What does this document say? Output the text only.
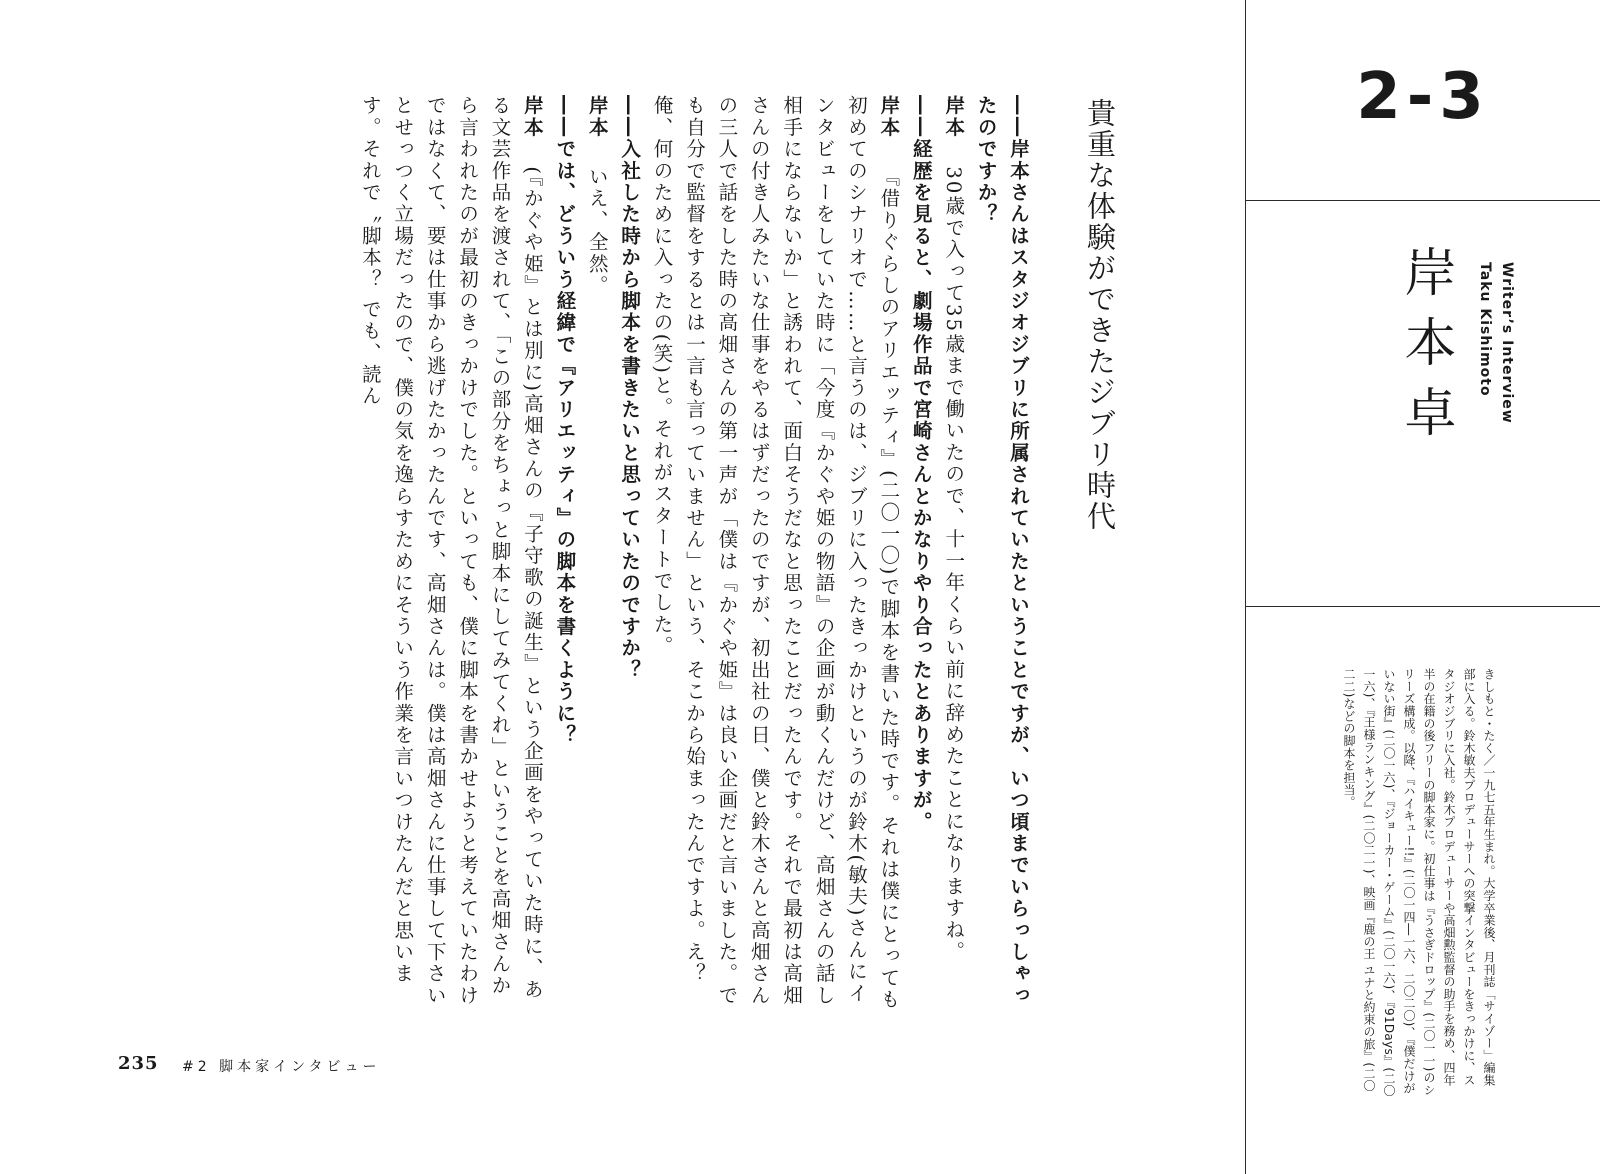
2-3
Writer’s Interview
Taku Kishimoto
岸本卓
きしもと・たく／一九七五年生まれ。大学卒業後、月刊誌「サイゾー」編集部に入る。鈴木敏夫プロデューサーへの突撃インタビューをきっかけに、スタジオジブリに入社。鈴木プロデューサーや高畑勲監督の助手を務め、四年半の在籍の後フリーの脚本家に。初仕事は『うさぎドロップ』(二〇一一)のシリーズ構成。以降、『ハイキュー!!』(二〇一四―一六、二〇二〇)、『僕だけがいない街』(二〇一六)、『ジョーカー・ゲーム』(二〇一六)、『91Days』(二〇一六)、『王様ランキング』(二〇二一)、映画『鹿の王 ユナと約束の旅』(二〇二二)などの脚本を担当。
貴重な体験ができたジブリ時代

――岸本さんはスタジオジブリに所属されていたということですが、いつ頃までいらっしゃったのですか？

岸本 30歳で入って35歳まで働いたので、十一年くらい前に辞めたことになりますね。

――経歴を見ると、劇場作品で宮崎さんとかなりやり合ったとありますが。

岸本 『借りぐらしのアリエッティ』(二〇一〇)で脚本を書いた時です。それは僕にとっても初めてのシナリオで……と言うのは、ジブリに入ったきっかけというのが鈴木(敏夫)さんにインタビューをしていた時に「今度『かぐや姫の物語』の企画が動くんだけど、高畑さんの話し相手にならないか」と誘われて、面白そうだなと思ったことだったんです。それで最初は高畑さんの付き人みたいな仕事をやるはずだったのですが、初出社の日、僕と鈴木さんと高畑さんの三人で話をした時の高畑さんの第一声が「僕は『かぐや姫』は良い企画だと言いました。でも自分で監督をするとは一言も言っていません」という、そこから始まったんですよ。え？ 俺、何のために入ったの(笑)と。それがスタートでした。

――入社した時から脚本を書きたいと思っていたのですか？

岸本 いえ、全然。

――では、どういう経緯で『アリエッティ』の脚本を書くように？

岸本 (『かぐや姫』とは別に)高畑さんの『子守歌の誕生』という企画をやっていた時に、ある文芸作品を渡されて、「この部分をちょっと脚本にしてみてくれ」ということを高畑さんから言われたのが最初のきっかけでした。といっても、僕に脚本を書かせようと考えていたわけではなくて、要は仕事から逃げたかったんです、高畑さんは。僕は高畑さんに仕事して下さいとせっつく立場だったので、僕の気を逸らすためにそういう作業を言いつけたんだと思います。それで〝脚本？ でも、読ん

235 #2 脚本家インタビュー
